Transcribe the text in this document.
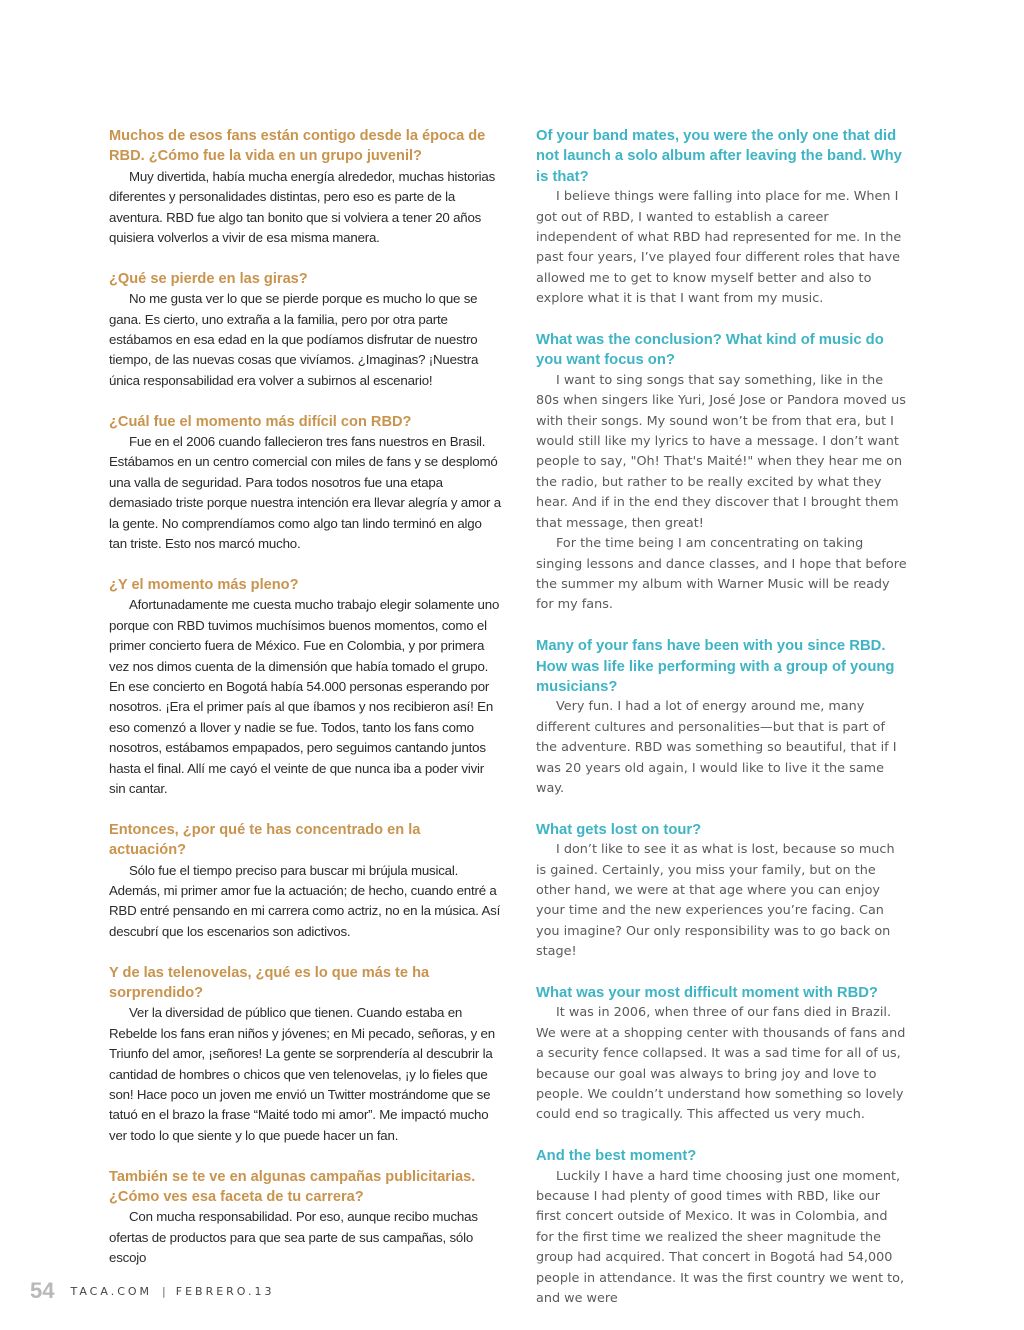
Muchos de esos fans están contigo desde la época de RBD. ¿Cómo fue la vida en un grupo juvenil?

Muy divertida, había mucha energía alrededor, muchas historias diferentes y personalidades distintas, pero eso es parte de la aventura. RBD fue algo tan bonito que si volviera a tener 20 años quisiera volverlos a vivir de esa misma manera.

¿Qué se pierde en las giras?

No me gusta ver lo que se pierde porque es mucho lo que se gana. Es cierto, uno extraña a la familia, pero por otra parte estábamos en esa edad en la que podíamos disfrutar de nuestro tiempo, de las nuevas cosas que vivíamos. ¿Imaginas? ¡Nuestra única responsabilidad era volver a subirnos al escenario!

¿Cuál fue el momento más difícil con RBD?

Fue en el 2006 cuando fallecieron tres fans nuestros en Brasil. Estábamos en un centro comercial con miles de fans y se desplomó una valla de seguridad. Para todos nosotros fue una etapa demasiado triste porque nuestra intención era llevar alegría y amor a la gente. No comprendíamos como algo tan lindo terminó en algo tan triste. Esto nos marcó mucho.

¿Y el momento más pleno?

Afortunadamente me cuesta mucho trabajo elegir solamente uno porque con RBD tuvimos muchísimos buenos momentos, como el primer concierto fuera de México. Fue en Colombia, y por primera vez nos dimos cuenta de la dimensión que había tomado el grupo. En ese concierto en Bogotá había 54.000 personas esperando por nosotros. ¡Era el primer país al que íbamos y nos recibieron así! En eso comenzó a llover y nadie se fue. Todos, tanto los fans como nosotros, estábamos empapados, pero seguimos cantando juntos hasta el final. Allí me cayó el veinte de que nunca iba a poder vivir sin cantar.

Entonces, ¿por qué te has concentrado en la actuación?

Sólo fue el tiempo preciso para buscar mi brújula musical. Además, mi primer amor fue la actuación; de hecho, cuando entré a RBD entré pensando en mi carrera como actriz, no en la música. Así descubrí que los escenarios son adictivos.

Y de las telenovelas, ¿qué es lo que más te ha sorprendido?

Ver la diversidad de público que tienen. Cuando estaba en Rebelde los fans eran niños y jóvenes; en Mi pecado, señoras, y en Triunfo del amor, ¡señores! La gente se sorprendería al descubrir la cantidad de hombres o chicos que ven telenovelas, ¡y lo fieles que son! Hace poco un joven me envió un Twitter mostrándome que se tatuó en el brazo la frase “Maité todo mi amor”. Me impactó mucho ver todo lo que siente y lo que puede hacer un fan.

También se te ve en algunas campañas publicitarias. ¿Cómo ves esa faceta de tu carrera?

Con mucha responsabilidad. Por eso, aunque recibo muchas ofertas de productos para que sea parte de sus campañas, sólo escojo

Of your band mates, you were the only one that did not launch a solo album after leaving the band. Why is that?

I believe things were falling into place for me. When I got out of RBD, I wanted to establish a career independent of what RBD had represented for me. In the past four years, I’ve played four different roles that have allowed me to get to know myself better and also to explore what it is that I want from my music.

What was the conclusion? What kind of music do you want focus on?

I want to sing songs that say something, like in the 80s when singers like Yuri, José Jose or Pandora moved us with their songs. My sound won’t be from that era, but I would still like my lyrics to have a message. I don’t want people to say, "Oh! That's Maité!" when they hear me on the radio, but rather to be really excited by what they hear. And if in the end they discover that I brought them that message, then great!

For the time being I am concentrating on taking singing lessons and dance classes, and I hope that before the summer my album with Warner Music will be ready for my fans.

Many of your fans have been with you since RBD. How was life like performing with a group of young musicians?

Very fun. I had a lot of energy around me, many different cultures and personalities—but that is part of the adventure. RBD was something so beautiful, that if I was 20 years old again, I would like to live it the same way.

What gets lost on tour?

I don’t like to see it as what is lost, because so much is gained. Certainly, you miss your family, but on the other hand, we were at that age where you can enjoy your time and the new experiences you’re facing. Can you imagine? Our only responsibility was to go back on stage!

What was your most difficult moment with RBD?

It was in 2006, when three of our fans died in Brazil. We were at a shopping center with thousands of fans and a security fence collapsed. It was a sad time for all of us, because our goal was always to bring joy and love to people. We couldn’t understand how something so lovely could end so tragically. This affected us very much.

And the best moment?

Luckily I have a hard time choosing just one moment, because I had plenty of good times with RBD, like our first concert outside of Mexico. It was in Colombia, and for the first time we realized the sheer magnitude the group had acquired. That concert in Bogotá had 54,000 people in attendance. It was the first country we went to, and we were

54 TACA.COM | FEBRERO.13
